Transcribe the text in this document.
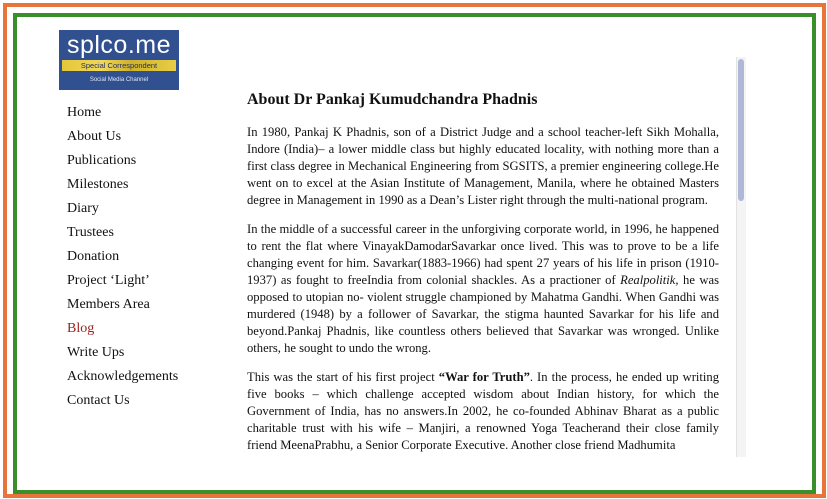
splco.me
Special Correspondent
Social Media Channel
Home
About Us
Publications
Milestones
Diary
Trustees
Donation
Project ‘Light’
Members Area
Blog
Write Ups
Acknowledgements
Contact Us
About Dr Pankaj Kumudchandra Phadnis

In 1980, Pankaj K Phadnis, son of a District Judge and a school teacher-left Sikh Mohalla, Indore (India)– a lower middle class but highly educated locality, with nothing more than a first class degree in Mechanical Engineering from SGSITS, a premier engineering college.He went on to excel at the Asian Institute of Management, Manila, where he obtained Masters degree in Management in 1990 as a Dean’s Lister right through the multi-national program.

In the middle of a successful career in the unforgiving corporate world, in 1996, he happened to rent the flat where VinayakDamodarSavarkar once lived. This was to prove to be a life changing event for him. Savarkar(1883-1966) had spent 27 years of his life in prison (1910-1937) as fought to freeIndia from colonial shackles. As a practioner of Realpolitik, he was opposed to utopian no- violent struggle championed by Mahatma Gandhi. When Gandhi was murdered (1948) by a follower of Savarkar, the stigma haunted Savarkar for his life and beyond.Pankaj Phadnis, like countless others believed that Savarkar was wronged. Unlike others, he sought to undo the wrong.

This was the start of his first project “War for Truth”. In the process, he ended up writing five books – which challenge accepted wisdom about Indian history, for which the Government of India, has no answers.In 2002, he co-founded Abhinav Bharat as a public charitable trust with his wife – Manjiri, a renowned Yoga Teacherand their close family friend MeenaPrabhu, a Senior Corporate Executive. Another close friend Madhumita
